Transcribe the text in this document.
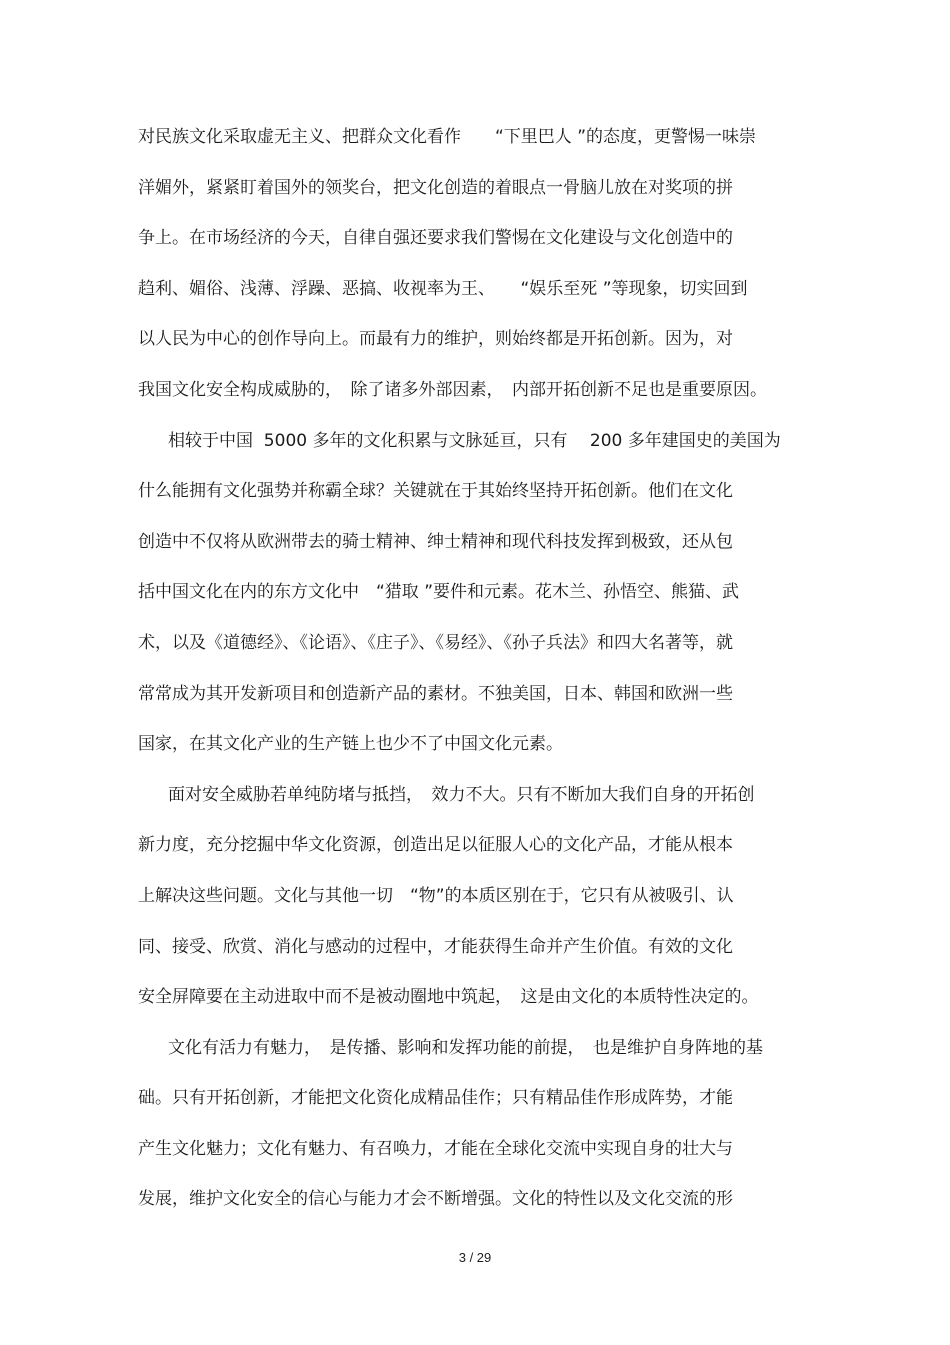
对民族文化采取虚无主义、把群众文化看作　　“下里巴人 ”的态度，更警惕一味崇
洋媚外，紧紧盯着国外的领奖台，把文化创造的着眼点一骨脑儿放在对奖项的拼
争上。在市场经济的今天，自律自强还要求我们警惕在文化建设与文化创造中的
趋利、媚俗、浅薄、浮躁、恶搞、收视率为王、　　“娱乐至死 ”等现象，切实回到
以人民为中心的创作导向上。而最有力的维护，则始终都是开拓创新。因为，对
我国文化安全构成威胁的，　除了诸多外部因素，　内部开拓创新不足也是重要原因。
相较于中国  5000 多年的文化积累与文脉延亘，只有　 200 多年建国史的美国为
什么能拥有文化强势并称霸全球？关键就在于其始终坚持开拓创新。他们在文化
创造中不仅将从欧洲带去的骑士精神、绅士精神和现代科技发挥到极致，还从包
括中国文化在内的东方文化中　“猎取 ”要件和元素。花木兰、孙悟空、熊猫、武
术，以及《道德经》、《论语》、《庄子》、《易经》、《孙子兵法》和四大名著等，就
常常成为其开发新项目和创造新产品的素材。不独美国，日本、韩国和欧洲一些
国家，在其文化产业的生产链上也少不了中国文化元素。
面对安全威胁若单纯防堵与抵挡，　效力不大。只有不断加大我们自身的开拓创
新力度，充分挖掘中华文化资源，创造出足以征服人心的文化产品，才能从根本
上解决这些问题。文化与其他一切　“物”的本质区别在于，它只有从被吸引、认
同、接受、欣赏、消化与感动的过程中，才能获得生命并产生价值。有效的文化
安全屏障要在主动进取中而不是被动圈地中筑起，　这是由文化的本质特性决定的。
文化有活力有魅力，　是传播、影响和发挥功能的前提，　也是维护自身阵地的基
础。只有开拓创新，才能把文化资化成精品佳作；只有精品佳作形成阵势，才能
产生文化魅力；文化有魅力、有召唤力，才能在全球化交流中实现自身的壮大与
发展，维护文化安全的信心与能力才会不断增强。文化的特性以及文化交流的形
3 / 29
